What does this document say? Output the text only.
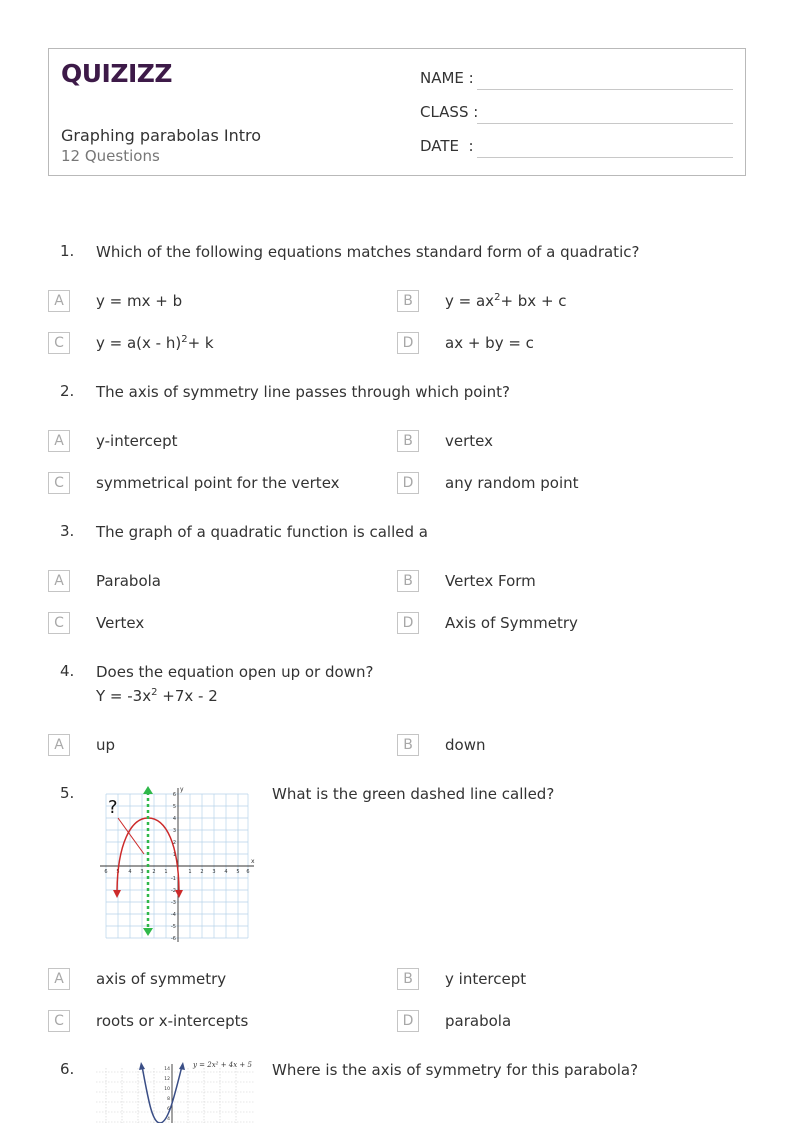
QUIZIZZ
Graphing parabolas Intro
12 Questions
NAME :
CLASS :
DATE  :
1. Which of the following equations matches standard form of a quadratic?
A	y = mx + b	B	$y = ax^2+$ bx + c
C	y = a(x - h)$^2$+ k	D	ax + by = c
2. The axis of symmetry line passes through which point?
A	y-intercept	B	vertex
C	symmetrical point for the vertex	D	any random point
3. The graph of a quadratic function is called a
A	Parabola	B	Vertex Form
C	Vertex	D	Axis of Symmetry
4. Does the equation open up or down?
$Y = -3x^2 +7x - 2$
A	up	B	down
5.
x
y
6 5 4 3 2 1	1 2 3 4 5 6
6
5
4
3
2
1
-1
-2
-3
-4
-5
-6
?
What is the green dashed line called?
A	axis of symmetry	B	y intercept
C	roots or x-intercepts	D	parabola
6.	14
12
10
8
6
4
y = 2x² + 4x + 5 Where is the axis of symmetry for this parabola?
